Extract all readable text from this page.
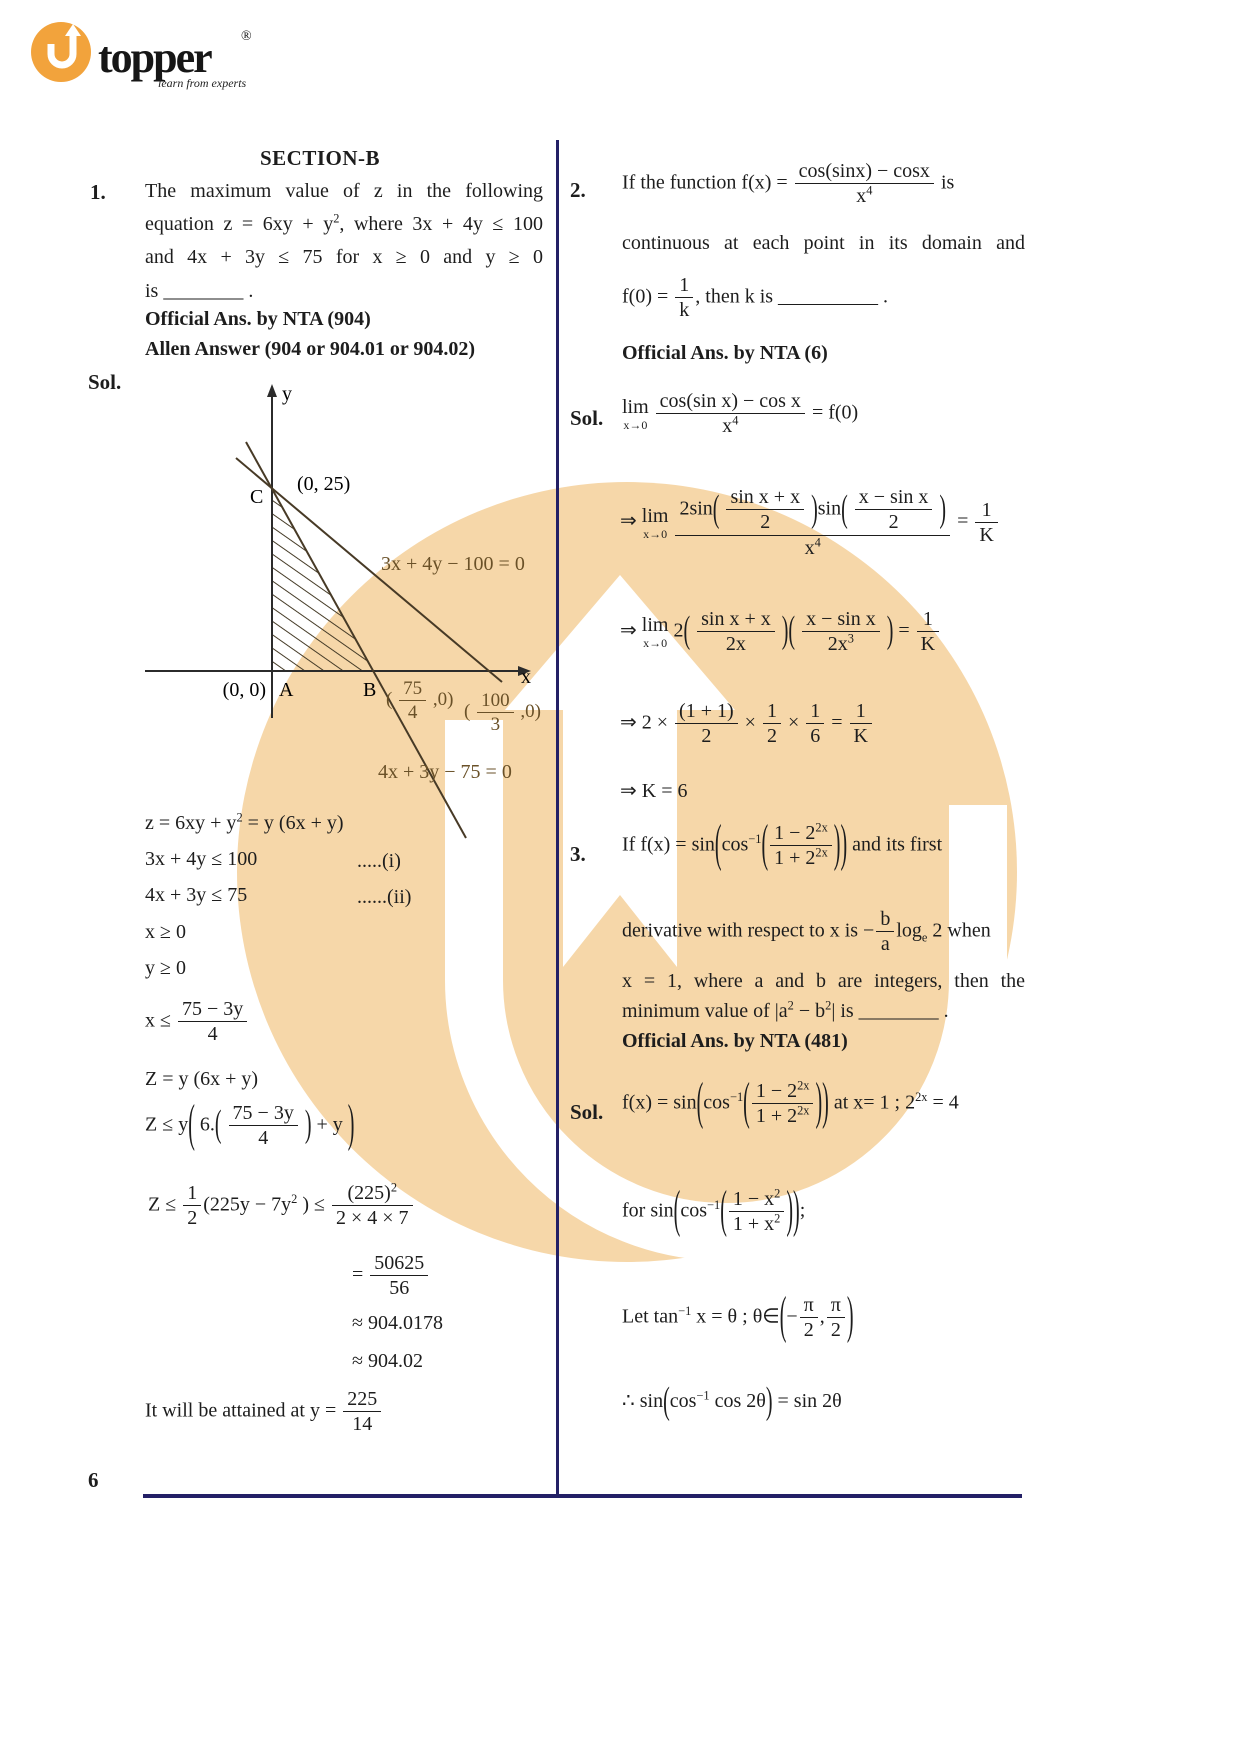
topper ®
learn from experts
6
SECTION-B
1. The maximum value of z in the following
equation $z = 6xy + y^2$, where 3x + 4y ≤ 100
and 4x + 3y ≤ 75 for x ≥ 0 and y ≥ 0
is ________ .
Official Ans. by NTA (904)
Allen Answer (904 or 904.01 or 904.02)
Sol.	y
x
C
(0, 25)
(0, 0) A	B
3x + 4y − 100 = 0
4x + 3y − 75 = 0
( $\frac{75}{4} ,0$)
( $\frac{100}{3} ,0$)
$z = 6xy + y^2 = y$ (6x + y)
3x + 4y ≤ 100	.....(i)
4x + 3y ≤ 75	......(ii)
x ≥ 0
y ≥ 0
$x \le \frac{75 - 3y}{4}$
Z = y (6x + y)
Z ≤ y( $6.( \frac{75 - 3y}{4}$ ) + y )
$Z \le \frac{1}{2} (225y - 7y^2$ ) ≤ $\frac{(225)^2}{2 \times 4 \times 7}$
= $\frac{50625}{56}$
≈ 904.0178
≈ 904.02
It will be attained at $y = \frac{225}{14}$
2. If the function $f(x) = \frac{\cos(\sin x) - \cos x}{x^4}$ is
continuous at each point in its domain and
$f(0) = \frac{1}{k}$ , then k is __________ .
Official Ans. by NTA (6)
Sol. lim
$x\to 0 \frac{\text{cos(sin x) − cos x}}{x^4} = f(0)$
⇒ lim
$x\to 0 \frac{2\sin( \frac{\text{sin x + x}}{2} )\sin( \frac{\text{x − sin x}}{2} )}{x^4} = \frac{1}{K}$
⇒ lim
x→0
$2( \frac{\text{sin x + x}}{2x}$ )( $\frac{\text{x − sin x}}{2x^3}$ ) = $\frac{1}{K}$
⇒ $2 \times \frac{(1 + 1)}{2} \times \frac{1}{2} \times \frac{1}{6} = \frac{1}{K}$
⇒ K = 6
3. If $f(x) = \sin(\cos^{-1}( \frac{1 - 2^{2x}}{1 + 2^{2x}}$ )) and its first
derivative with respect to x is − $\frac{b}{a} \log_e 2$ when
x = 1, where a and b are integers, then the
minimum value of $|a^2 - b^2|$ is ________ .
Official Ans. by NTA (481)
Sol. $f(x) = \sin(\cos^{-1}( \frac{1 - 2^{2x}}{1 + 2^{2x}}$ )) at x= 1 ; $2^{2x} = 4$
for $\sin(\cos^{-1}( \frac{1 - x^2}{1 + x^2}$ ));
Let $\tan^{-1} x = \theta$ ; θ∈(− $\frac{\pi}{2}$ , $\frac{\pi}{2}$ )
∴ $\sin(\cos^{-1}$ cos 2θ) = sin 2θ
